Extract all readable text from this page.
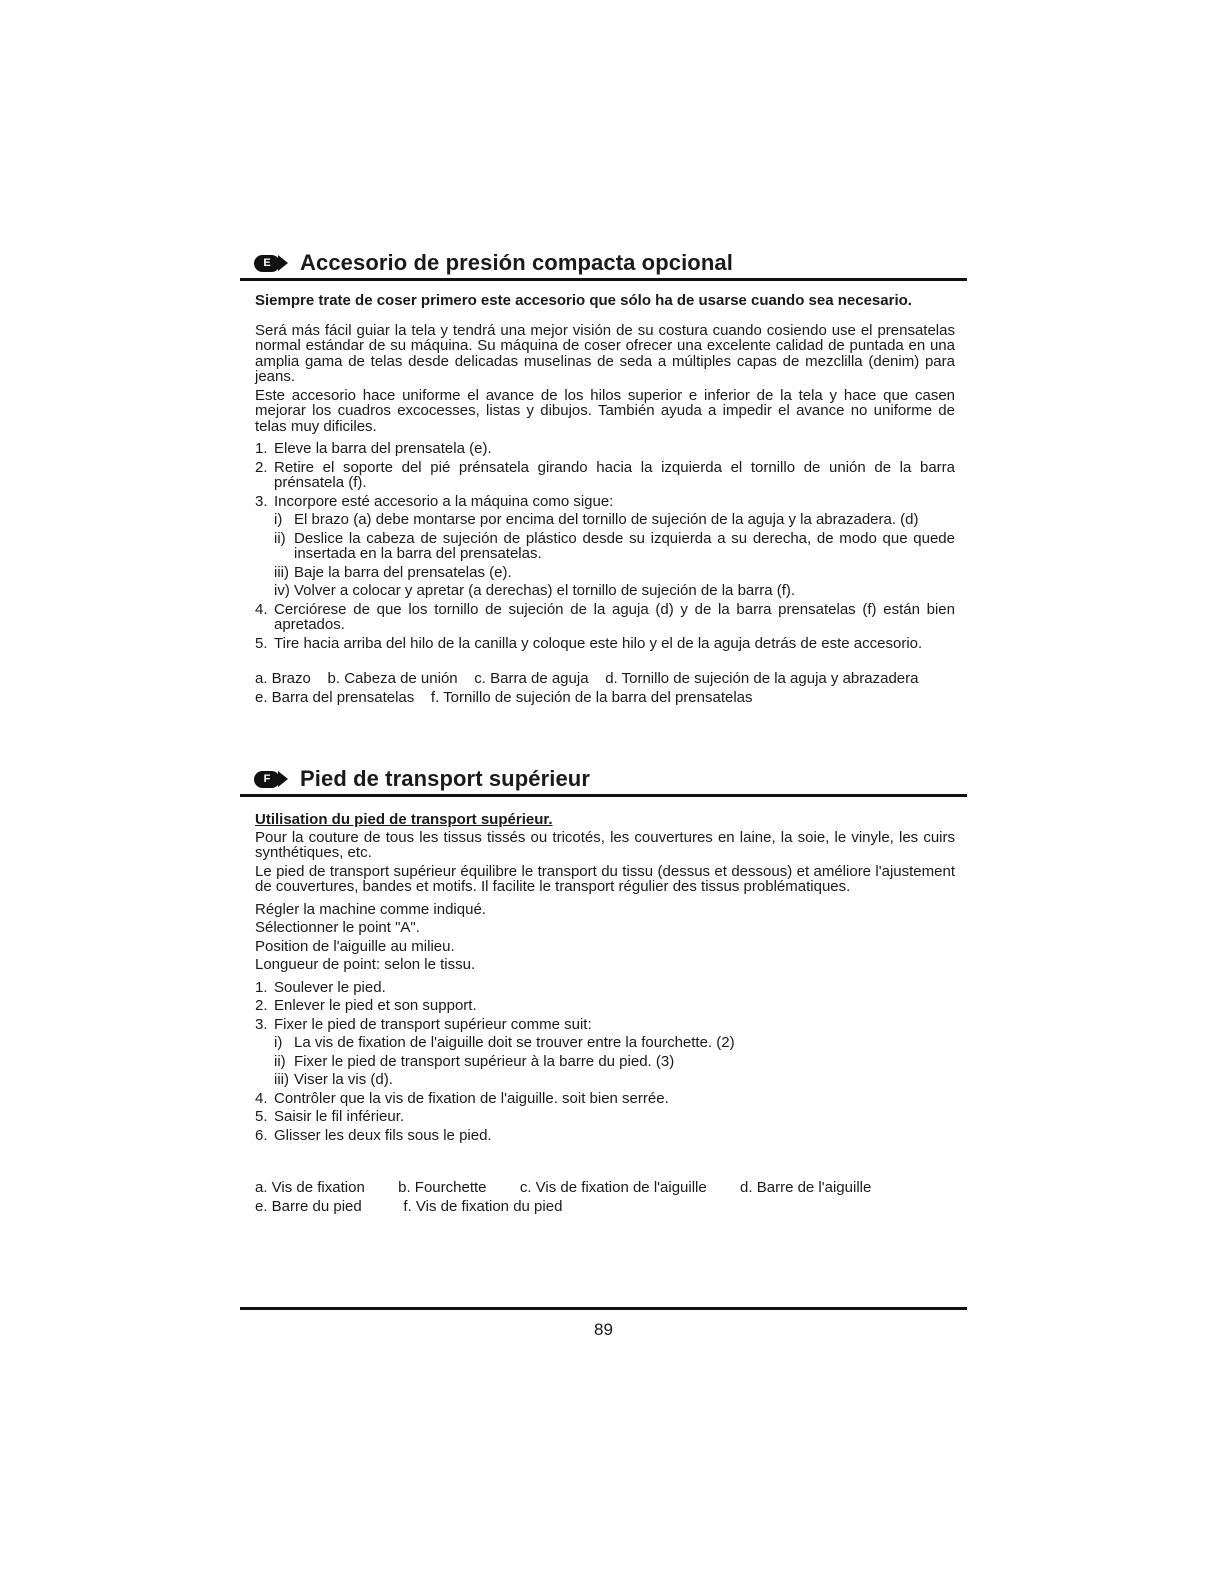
E	Accesorio de presión compacta opcional

Siempre trate de coser primero este accesorio que sólo ha de usarse cuando sea necesario.

Será más fácil guiar la tela y tendrá una mejor visión de su costura cuando cosiendo use el prensatelas normal estándar de su máquina. Su máquina de coser ofrecer una excelente calidad de puntada en una amplia gama de telas desde delicadas muselinas de seda a múltiples capas de mezclilla (denim) para jeans.

Este accesorio hace uniforme el avance de los hilos superior e inferior de la tela y hace que casen mejorar los cuadros excocesses, listas y dibujos. También ayuda a impedir el avance no uniforme de telas muy dificiles.

1. Eleve la barra del prensatela (e).
2. Retire el soporte del pié prénsatela girando hacia la izquierda el tornillo de unión de la barra prénsatela (f).
3. Incorpore esté accesorio a la máquina como sigue:
i) El brazo (a) debe montarse por encima del tornillo de sujeción de la aguja y la abrazadera. (d)
ii) Deslice la cabeza de sujeción de plástico desde su izquierda a su derecha, de modo que quede insertada en la barra del prensatelas.
iii) Baje la barra del prensatelas (e).
iv) Volver a colocar y apretar (a derechas) el tornillo de sujeción de la barra (f).
4. Cerciórese de que los tornillo de sujeción de la aguja (d) y de la barra prensatelas (f) están bien apretados.
5. Tire hacia arriba del hilo de la canilla y coloque este hilo y el de la aguja detrás de este accesorio.
a. Brazo    b. Cabeza de unión    c. Barra de aguja    d. Tornillo de sujeción de la aguja y abrazadera
e. Barra del prensatelas    f. Tornillo de sujeción de la barra del prensatelas
F	Pied de transport supérieur

Utilisation du pied de transport supérieur.

Pour la couture de tous les tissus tissés ou tricotés, les couvertures en laine, la soie, le vinyle, les cuirs synthétiques, etc.

Le pied de transport supérieur équilibre le transport du tissu (dessus et dessous) et améliore l'ajustement de couvertures, bandes et motifs. Il facilite le transport régulier des tissus problématiques.

Régler la machine comme indiqué.
Sélectionner le point "A".
Position de l'aiguille au milieu.
Longueur de point: selon le tissu.
1. Soulever le pied.
2. Enlever le pied et son support.
3. Fixer le pied de transport supérieur comme suit:
i) La vis de fixation de l'aiguille doit se trouver entre la fourchette. (2)
ii) Fixer le pied de transport supérieur à la barre du pied. (3)
iii) Viser la vis (d).
4. Contrôler que la vis de fixation de l'aiguille. soit bien serrée.
5. Saisir le fil inférieur.
6. Glisser les deux fils sous le pied.
a. Vis de fixation        b. Fourchette        c. Vis de fixation de l'aiguille        d. Barre de l'aiguille
e. Barre du pied          f. Vis de fixation du pied
89
